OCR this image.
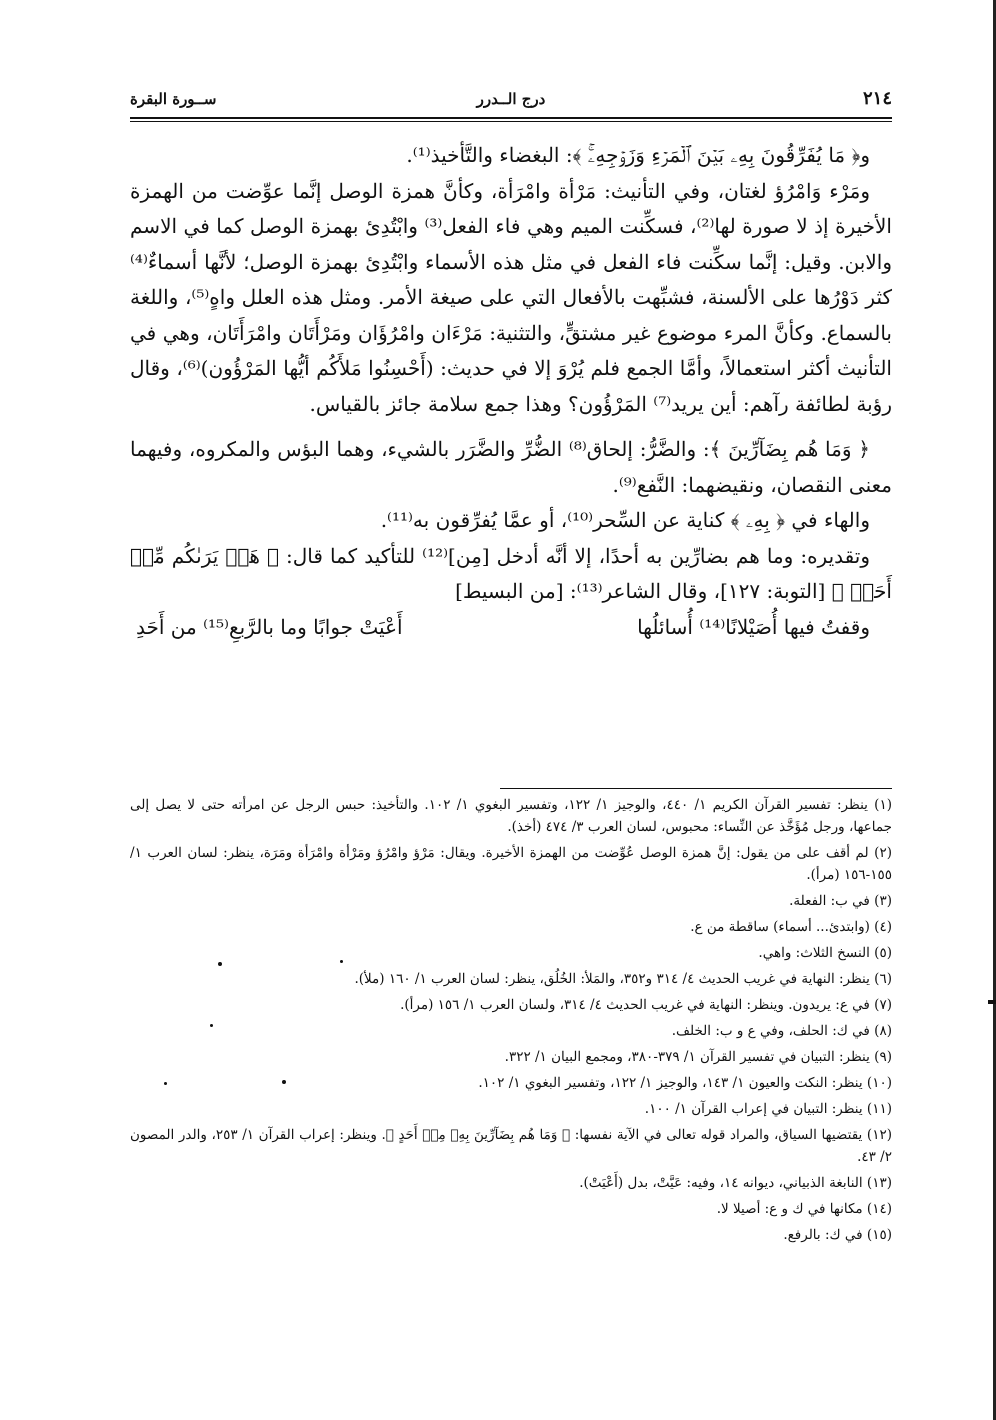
٢١٤
درج الــدرر
ســورة البقرة

و﴿ مَا يُفَرِّقُونَ بِهِۦ بَيۡنَ ٱلۡمَرۡءِ وَزَوۡجِهِۦۚ ﴾: البغضاء والتَّأخيذ⁽¹⁾.

ومَرْء وَامْرُؤ لغتان، وفي التأنيث: مَرْأة وامْرَأة، وكأنَّ همزة الوصل إنَّما عوِّضت من الهمزة الأخيرة إذ لا صورة لها⁽²⁾، فسكِّنت الميم وهي فاء الفعل⁽³⁾ وابْتُدِئ بهمزة الوصل كما في الاسم والابن. وقيل: إنَّما سكِّنت فاء الفعل في مثل هذه الأسماء وابْتُدِئ بهمزة الوصل؛ لأنَّها أسماءٌ⁽⁴⁾ كثر دَوْرُها على الألسنة، فشبِّهت بالأفعال التي على صيغة الأمر. ومثل هذه العلل واهٍ⁽⁵⁾، واللغة بالسماع. وكأنَّ المرء موضوع غير مشتقٍّ، والتثنية: مَرْءَان وامْرُؤَان ومَرْأَتَان وامْرَأَتَان، وهي في التأنيث أكثر استعمالاً، وأمَّا الجمع فلم يُرْوَ إلا في حديث: (أَحْسِنُوا مَلأَكُم أيُّها المَرْؤُون)⁽⁶⁾، وقال رؤبة لطائفة رآهم: أين يريد⁽⁷⁾ المَرْؤُون؟ وهذا جمع سلامة جائز بالقياس.

﴿ وَمَا هُم بِضَآرِّينَ ﴾: والضَّرُّ: إلحاق⁽⁸⁾ الضُّرِّ والضَّرَر بالشيء، وهما البؤس والمكروه، وفيهما معنى النقصان، ونقيضهما: النَّفع⁽⁹⁾.

والهاء في ﴿ بِهِۦ ﴾ كناية عن السِّحر⁽¹⁰⁾، أو عمَّا يُفرِّقون به⁽¹¹⁾.

وتقديره: وما هم بضارِّين به أحدًا، إلا أنَّه أدخل [مِن]⁽¹²⁾ للتأكيد كما قال: ﴿ هَلۡ يَرَىٰكُم مِّنۡ أَحَدٖ ﴾ [التوبة: ١٢٧]، وقال الشاعر⁽¹³⁾: [من البسيط]

وقفتُ فيها أُصَيْلانًا⁽¹⁴⁾ أُسائلُها
أَعْيَتْ جوابًا وما بالرَّبعِ⁽¹⁵⁾ من أَحَدِ
(١) ينظر: تفسير القرآن الكريم ١/ ٤٤٠، والوجيز ١/ ١٢٢، وتفسير البغوي ١/ ١٠٢. والتأخيذ: حبس الرجل عن امرأته حتى لا يصل إلى جماعها، ورجل مُؤَخَّذ عن النِّساء: محبوس، لسان العرب ٣/ ٤٧٤ (أخذ).
(٢) لم أقف على من يقول: إنَّ همزة الوصل عُوِّضت من الهمزة الأخيرة. ويقال: مَرْؤ وامْرُؤ ومَرْأة وامْرَأة ومَرَة، ينظر: لسان العرب ١/ ١٥٥-١٥٦ (مرأ).
(٣) في ب: الفعلة.
(٤) (وابتدئ... أسماء) ساقطة من ع.
(٥) النسخ الثلاث: واهي.
(٦) ينظر: النهاية في غريب الحديث ٤/ ٣١٤ و٣٥٢، والمَلأ: الخُلُق، ينظر: لسان العرب ١/ ١٦٠ (ملأ).
(٧) في ع: يريدون. وينظر: النهاية في غريب الحديث ٤/ ٣١٤، ولسان العرب ١/ ١٥٦ (مرأ).
(٨) في ك: الحلف، وفي ع و ب: الخلف.
(٩) ينظر: التبيان في تفسير القرآن ١/ ٣٧٩-٣٨٠، ومجمع البيان ١/ ٣٢٢.
(١٠) ينظر: النكت والعيون ١/ ١٤٣، والوجيز ١/ ١٢٢، وتفسير البغوي ١/ ١٠٢.
(١١) ينظر: التبيان في إعراب القرآن ١/ ١٠٠.
(١٢) يقتضيها السياق، والمراد قوله تعالى في الآية نفسها: ﴿ وَمَا هُم بِضَآرِّينَ بِهِۦ مِنۡ أَحَدٍ ﴾. وينظر: إعراب القرآن ١/ ٢٥٣، والدر المصون ٢/ ٤٣.
(١٣) النابغة الذبياني، ديوانه ١٤، وفيه: عَيَّتْ، بدل (أَعْيَتْ).
(١٤) مكانها في ك و ع: أصيلا لا.
(١٥) في ك: بالرفع.
